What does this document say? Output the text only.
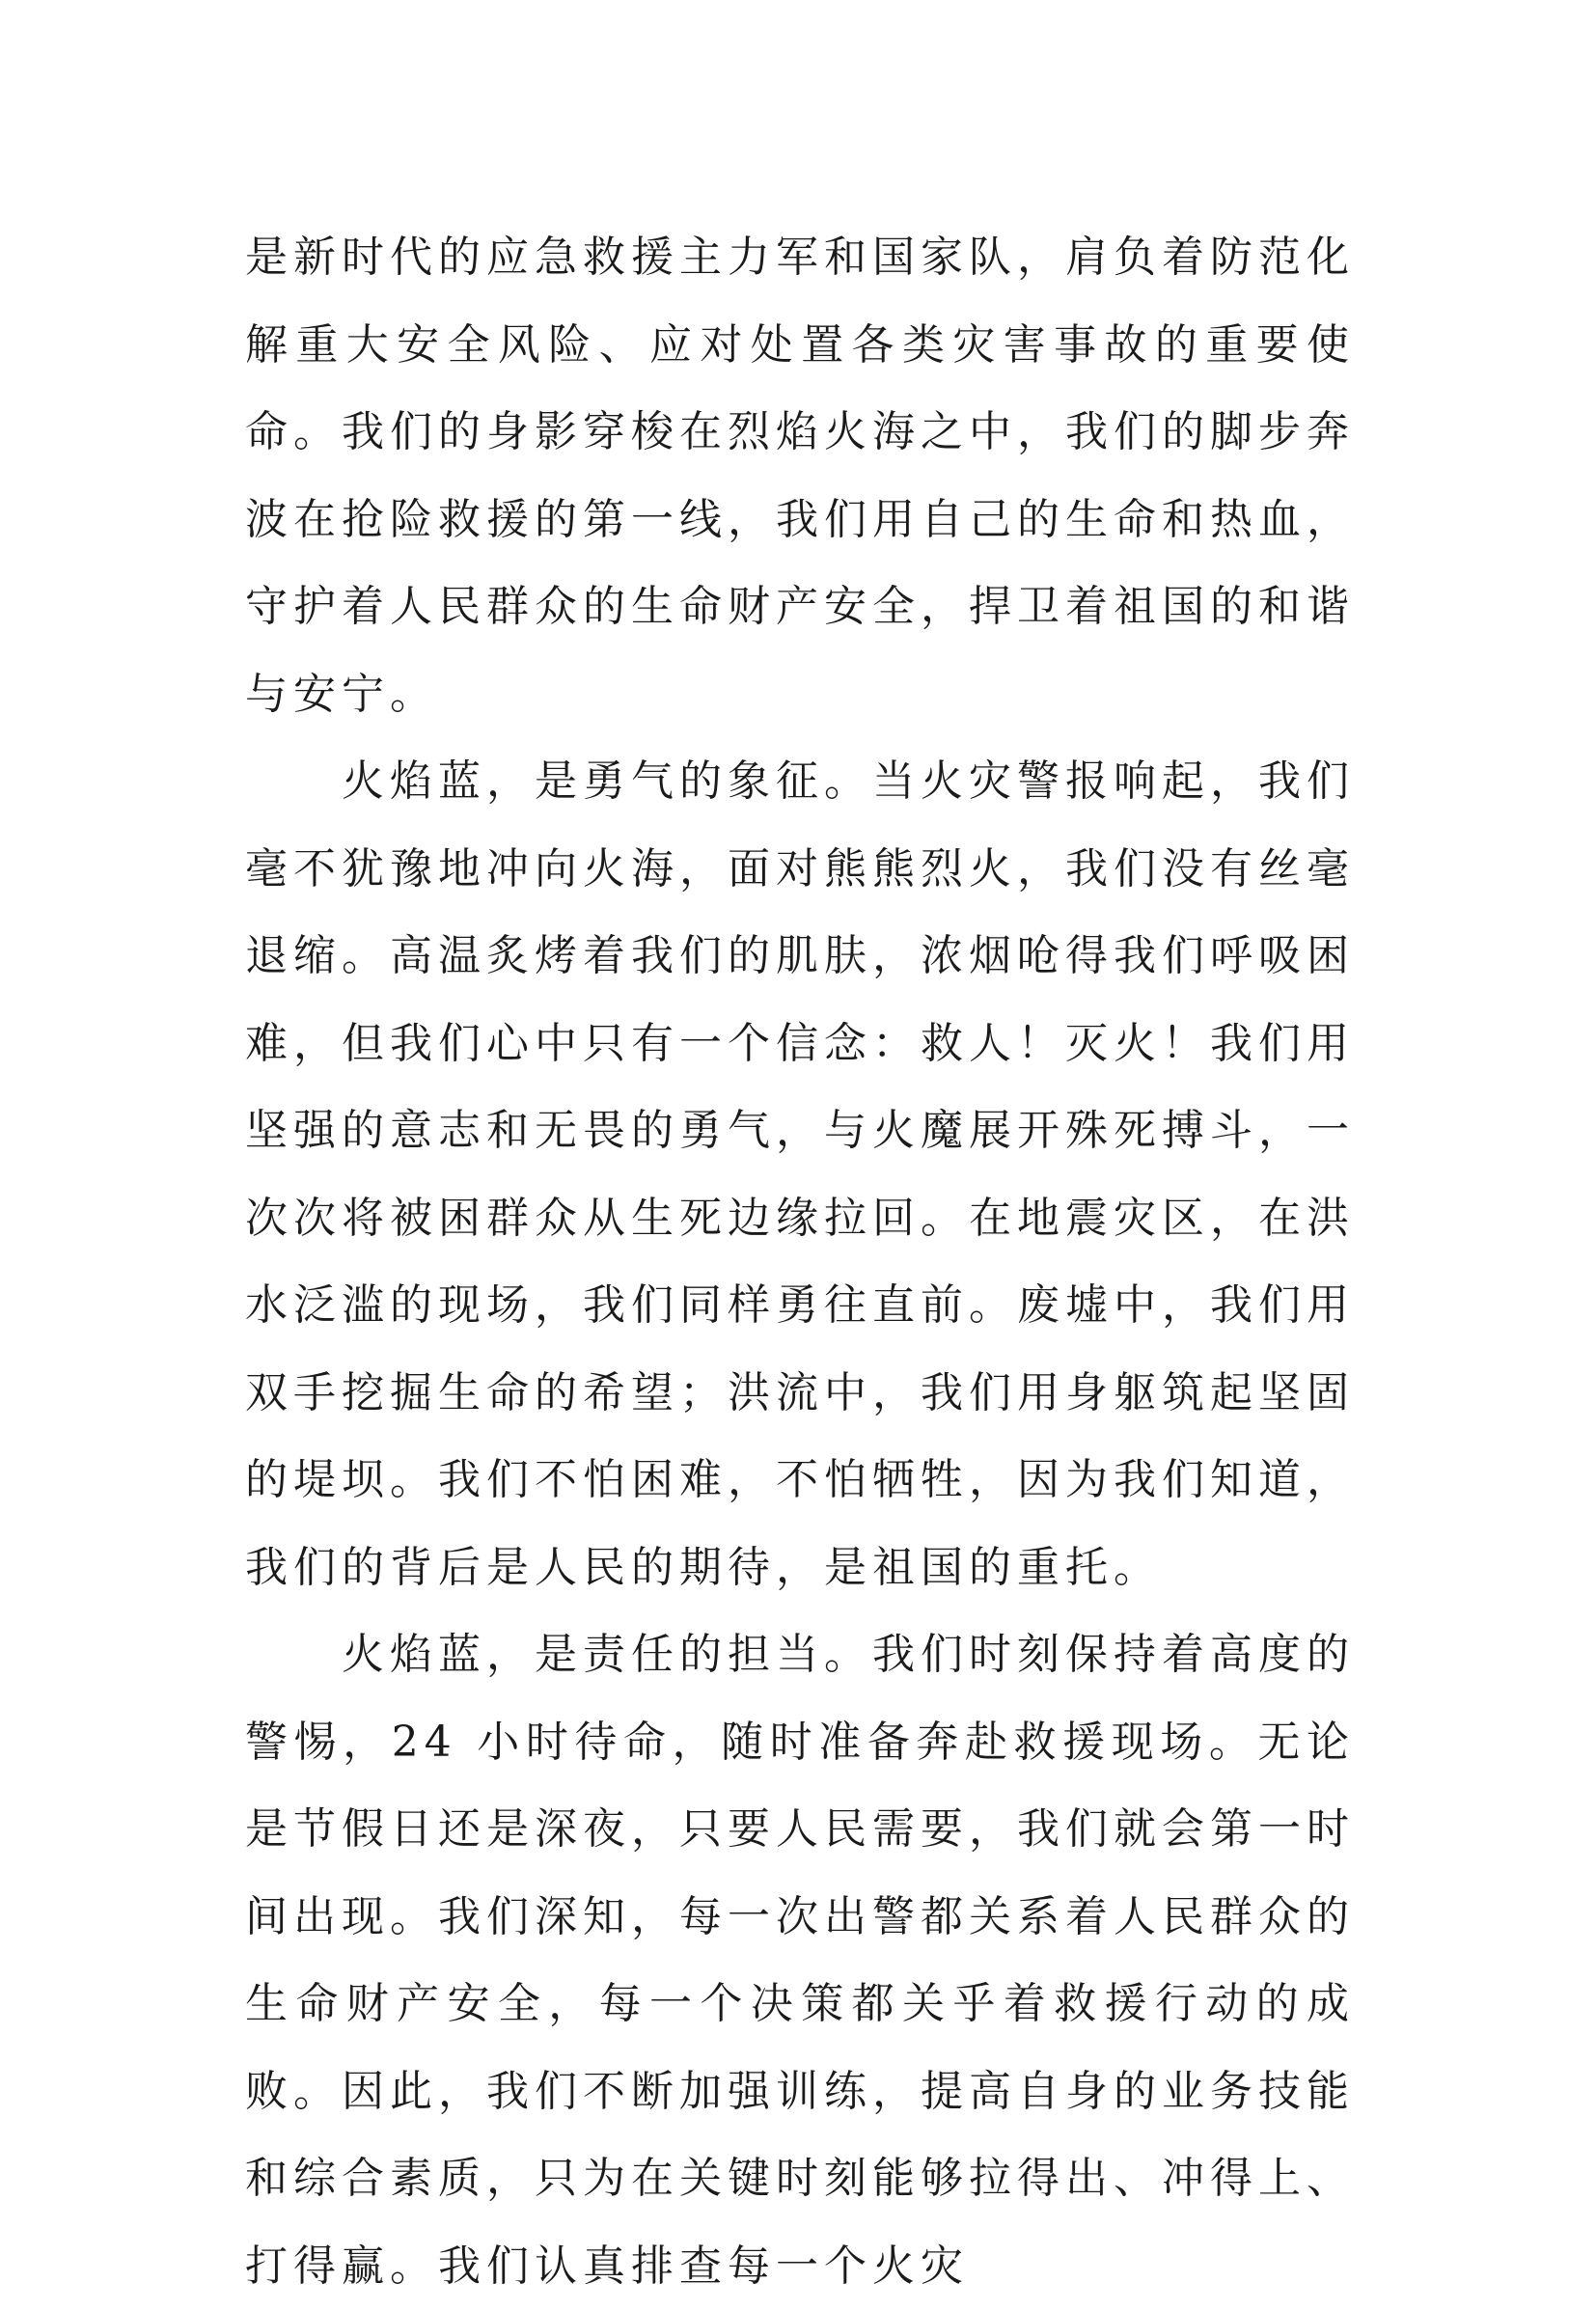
是新时代的应急救援主力军和国家队，肩负着防范化解重大安全风险、应对处置各类灾害事故的重要使命。我们的身影穿梭在烈焰火海之中，我们的脚步奔波在抢险救援的第一线，我们用自己的生命和热血，守护着人民群众的生命财产安全，捍卫着祖国的和谐与安宁。

火焰蓝，是勇气的象征。当火灾警报响起，我们毫不犹豫地冲向火海，面对熊熊烈火，我们没有丝毫退缩。高温炙烤着我们的肌肤，浓烟呛得我们呼吸困难，但我们心中只有一个信念：救人！灭火！我们用坚强的意志和无畏的勇气，与火魔展开殊死搏斗，一次次将被困群众从生死边缘拉回。在地震灾区，在洪水泛滥的现场，我们同样勇往直前。废墟中，我们用双手挖掘生命的希望；洪流中，我们用身躯筑起坚固的堤坝。我们不怕困难，不怕牺牲，因为我们知道，我们的背后是人民的期待，是祖国的重托。

火焰蓝，是责任的担当。我们时刻保持着高度的警惕，24 小时待命，随时准备奔赴救援现场。无论是节假日还是深夜，只要人民需要，我们就会第一时间出现。我们深知，每一次出警都关系着人民群众的生命财产安全，每一个决策都关乎着救援行动的成败。因此，我们不断加强训练，提高自身的业务技能和综合素质，只为在关键时刻能够拉得出、冲得上、打得赢。我们认真排查每一个火灾
